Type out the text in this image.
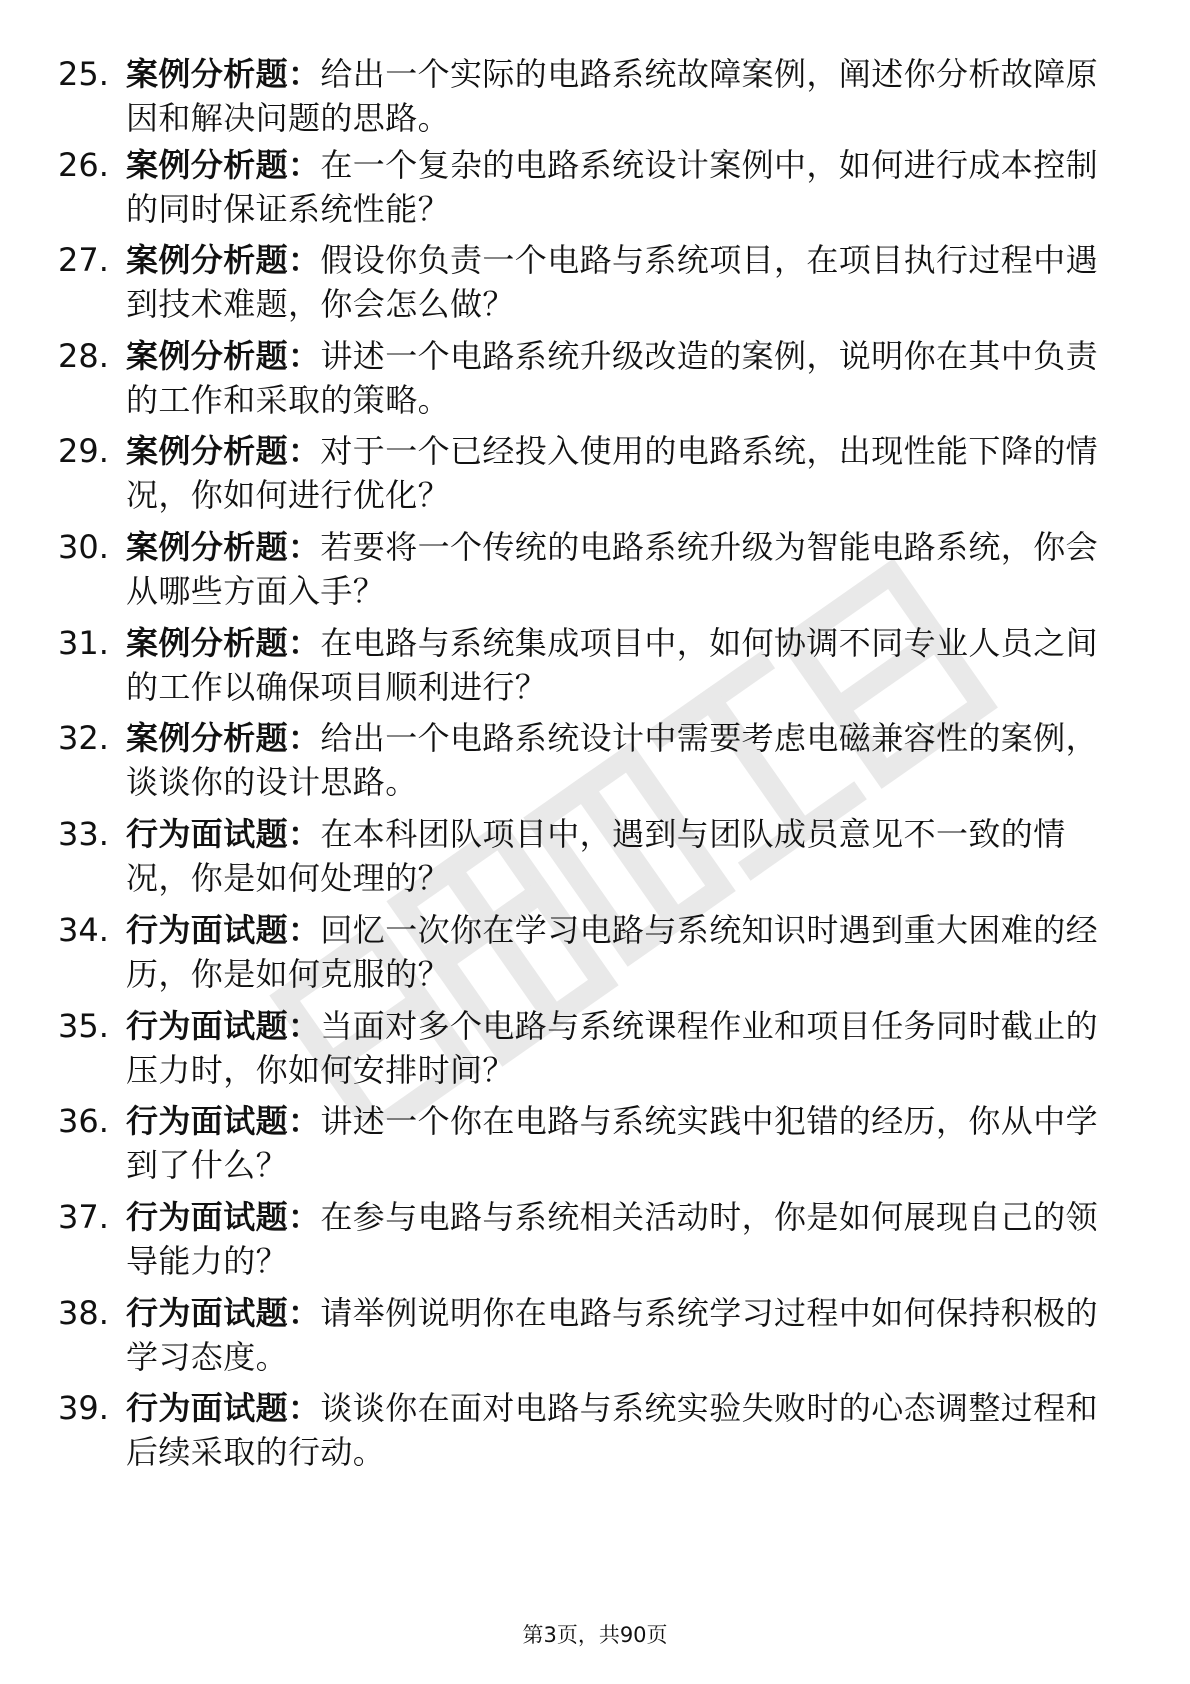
25. 案例分析题：给出一个实际的电路系统故障案例，阐述你分析故障原因和解决问题的思路。
26. 案例分析题：在一个复杂的电路系统设计案例中，如何进行成本控制的同时保证系统性能？
27. 案例分析题：假设你负责一个电路与系统项目，在项目执行过程中遇到技术难题，你会怎么做？
28. 案例分析题：讲述一个电路系统升级改造的案例，说明你在其中负责的工作和采取的策略。
29. 案例分析题：对于一个已经投入使用的电路系统，出现性能下降的情况，你如何进行优化？
30. 案例分析题：若要将一个传统的电路系统升级为智能电路系统，你会从哪些方面入手？
31. 案例分析题：在电路与系统集成项目中，如何协调不同专业人员之间的工作以确保项目顺利进行？
32. 案例分析题：给出一个电路系统设计中需要考虑电磁兼容性的案例，谈谈你的设计思路。
33. 行为面试题：在本科团队项目中，遇到与团队成员意见不一致的情况，你是如何处理的？
34. 行为面试题：回忆一次你在学习电路与系统知识时遇到重大困难的经历，你是如何克服的？
35. 行为面试题：当面对多个电路与系统课程作业和项目任务同时截止的压力时，你如何安排时间？
36. 行为面试题：讲述一个你在电路与系统实践中犯错的经历，你从中学到了什么？
37. 行为面试题：在参与电路与系统相关活动时，你是如何展现自己的领导能力的？
38. 行为面试题：请举例说明你在电路与系统学习过程中如何保持积极的学习态度。
39. 行为面试题：谈谈你在面对电路与系统实验失败时的心态调整过程和后续采取的行动。
第3页，共90页
